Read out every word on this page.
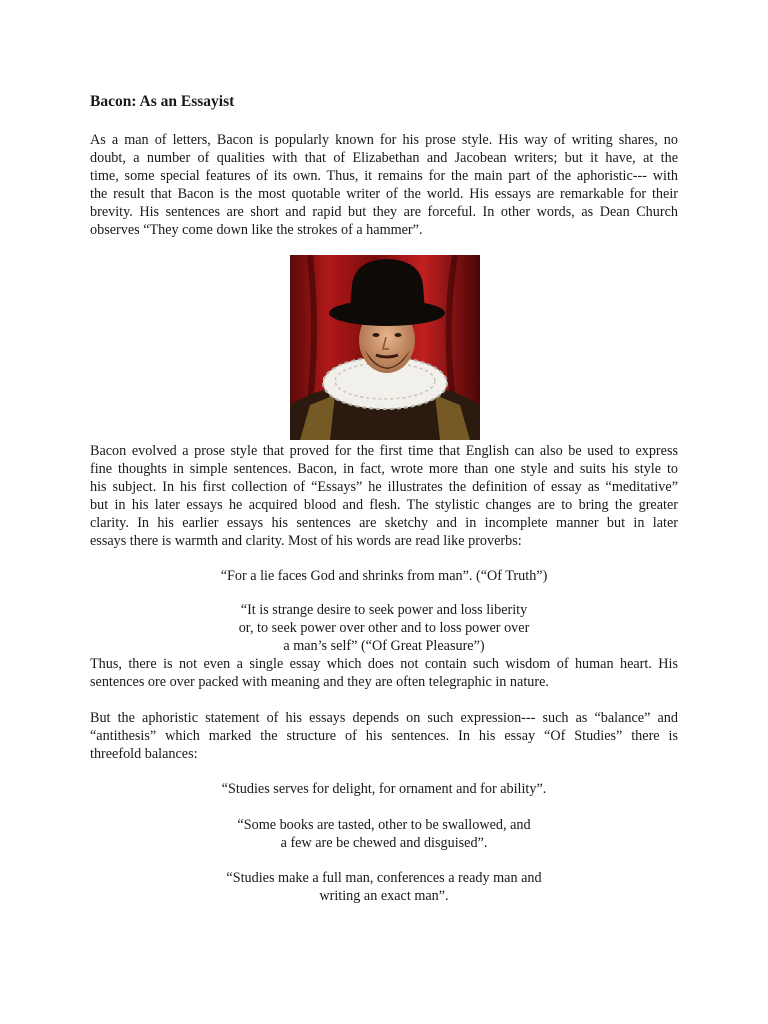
Bacon: As an Essayist
As a man of letters, Bacon is popularly known for his prose style. His way of writing shares, no
doubt, a number of qualities with that of Elizabethan and Jacobean writers; but it have, at the
time, some special features of its own. Thus, it remains for the main part of the aphoristic--- with
the result that Bacon is the most quotable writer of the world. His essays are remarkable for their
brevity. His sentences are short and rapid but they are forceful. In other words, as Dean Church
observes “They come down like the strokes of a hammer”.
Bacon evolved a prose style that proved for the first time that English can also be used to express
fine thoughts in simple sentences. Bacon, in fact, wrote more than one style and suits his style to
his subject. In his first collection of “Essays” he illustrates the definition of essay as “meditative”
but in his later essays he acquired blood and flesh. The stylistic changes are to bring the greater
clarity. In his earlier essays his sentences are sketchy and in incomplete manner but in later
essays there is warmth and clarity. Most of his words are read like proverbs:
“For a lie faces God and shrinks from man”. (“Of Truth”)
“It is strange desire to seek power and loss liberity
or, to seek power over other and to loss power over
a man’s self” (“Of Great Pleasure”)
Thus, there is not even a single essay which does not contain such wisdom of human heart. His
sentences ore over packed with meaning and they are often telegraphic in nature.
But the aphoristic statement of his essays depends on such expression--- such as “balance” and
“antithesis” which marked the structure of his sentences. In his essay “Of Studies” there is
threefold balances:
“Studies serves for delight, for ornament and for ability”.
“Some books are tasted, other to be swallowed, and
a few are be chewed and disguised”.
“Studies make a full man, conferences a ready man and
writing an exact man”.
